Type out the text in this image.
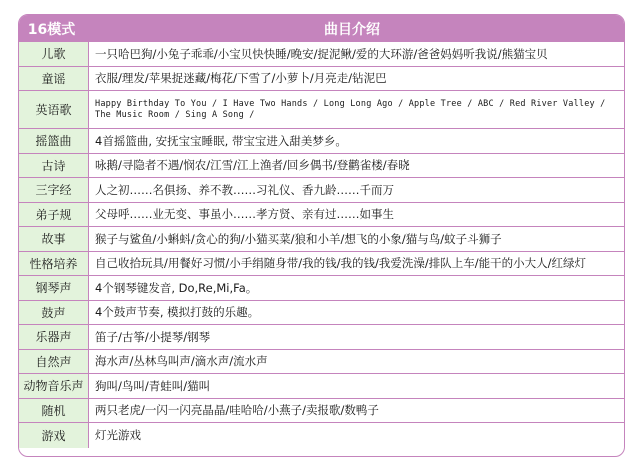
16模式	曲目介绍
儿歌	一只哈巴狗/小兔子乖乖/小宝贝快快睡/晚安/捉泥鳅/爱的大环游/爸爸妈妈听我说/熊猫宝贝
童谣	衣服/理发/苹果捉迷藏/梅花/下雪了/小萝卜/月亮走/钻泥巴
英语歌	Happy Birthday To You / I Have Two Hands / Long Long Ago / Apple Tree / ABC / Red River Valley / The Music Room / Sing A Song /
摇篮曲	4首摇篮曲, 安抚宝宝睡眠, 带宝宝进入甜美梦乡。
古诗	咏鹅/寻隐者不遇/悯农/江雪/江上渔者/回乡偶书/登鹳雀楼/春晓
三字经	人之初……名俱扬、养不教……习礼仪、香九龄……千而万
弟子规	父母呼……业无变、事虽小……孝方贤、亲有过……如事生
故事	猴子与鲨鱼/小蝌蚪/贪心的狗/小猫买菜/狼和小羊/想飞的小象/猫与鸟/蚊子斗狮子
性格培养	自己收拾玩具/用餐好习惯/小手绢随身带/我的钱/我的钱/我爱洗澡/排队上车/能干的小大人/红绿灯
钢琴声	4个钢琴键发音, Do,Re,Mi,Fa。
鼓声	4个鼓声节奏, 模拟打鼓的乐趣。
乐器声	笛子/古筝/小提琴/钢琴
自然声	海水声/丛林鸟叫声/滴水声/流水声
动物音乐声	狗叫/鸟叫/青蛙叫/猫叫
随机	两只老虎/一闪一闪亮晶晶/哇哈哈/小燕子/卖报歌/数鸭子
游戏	灯光游戏
